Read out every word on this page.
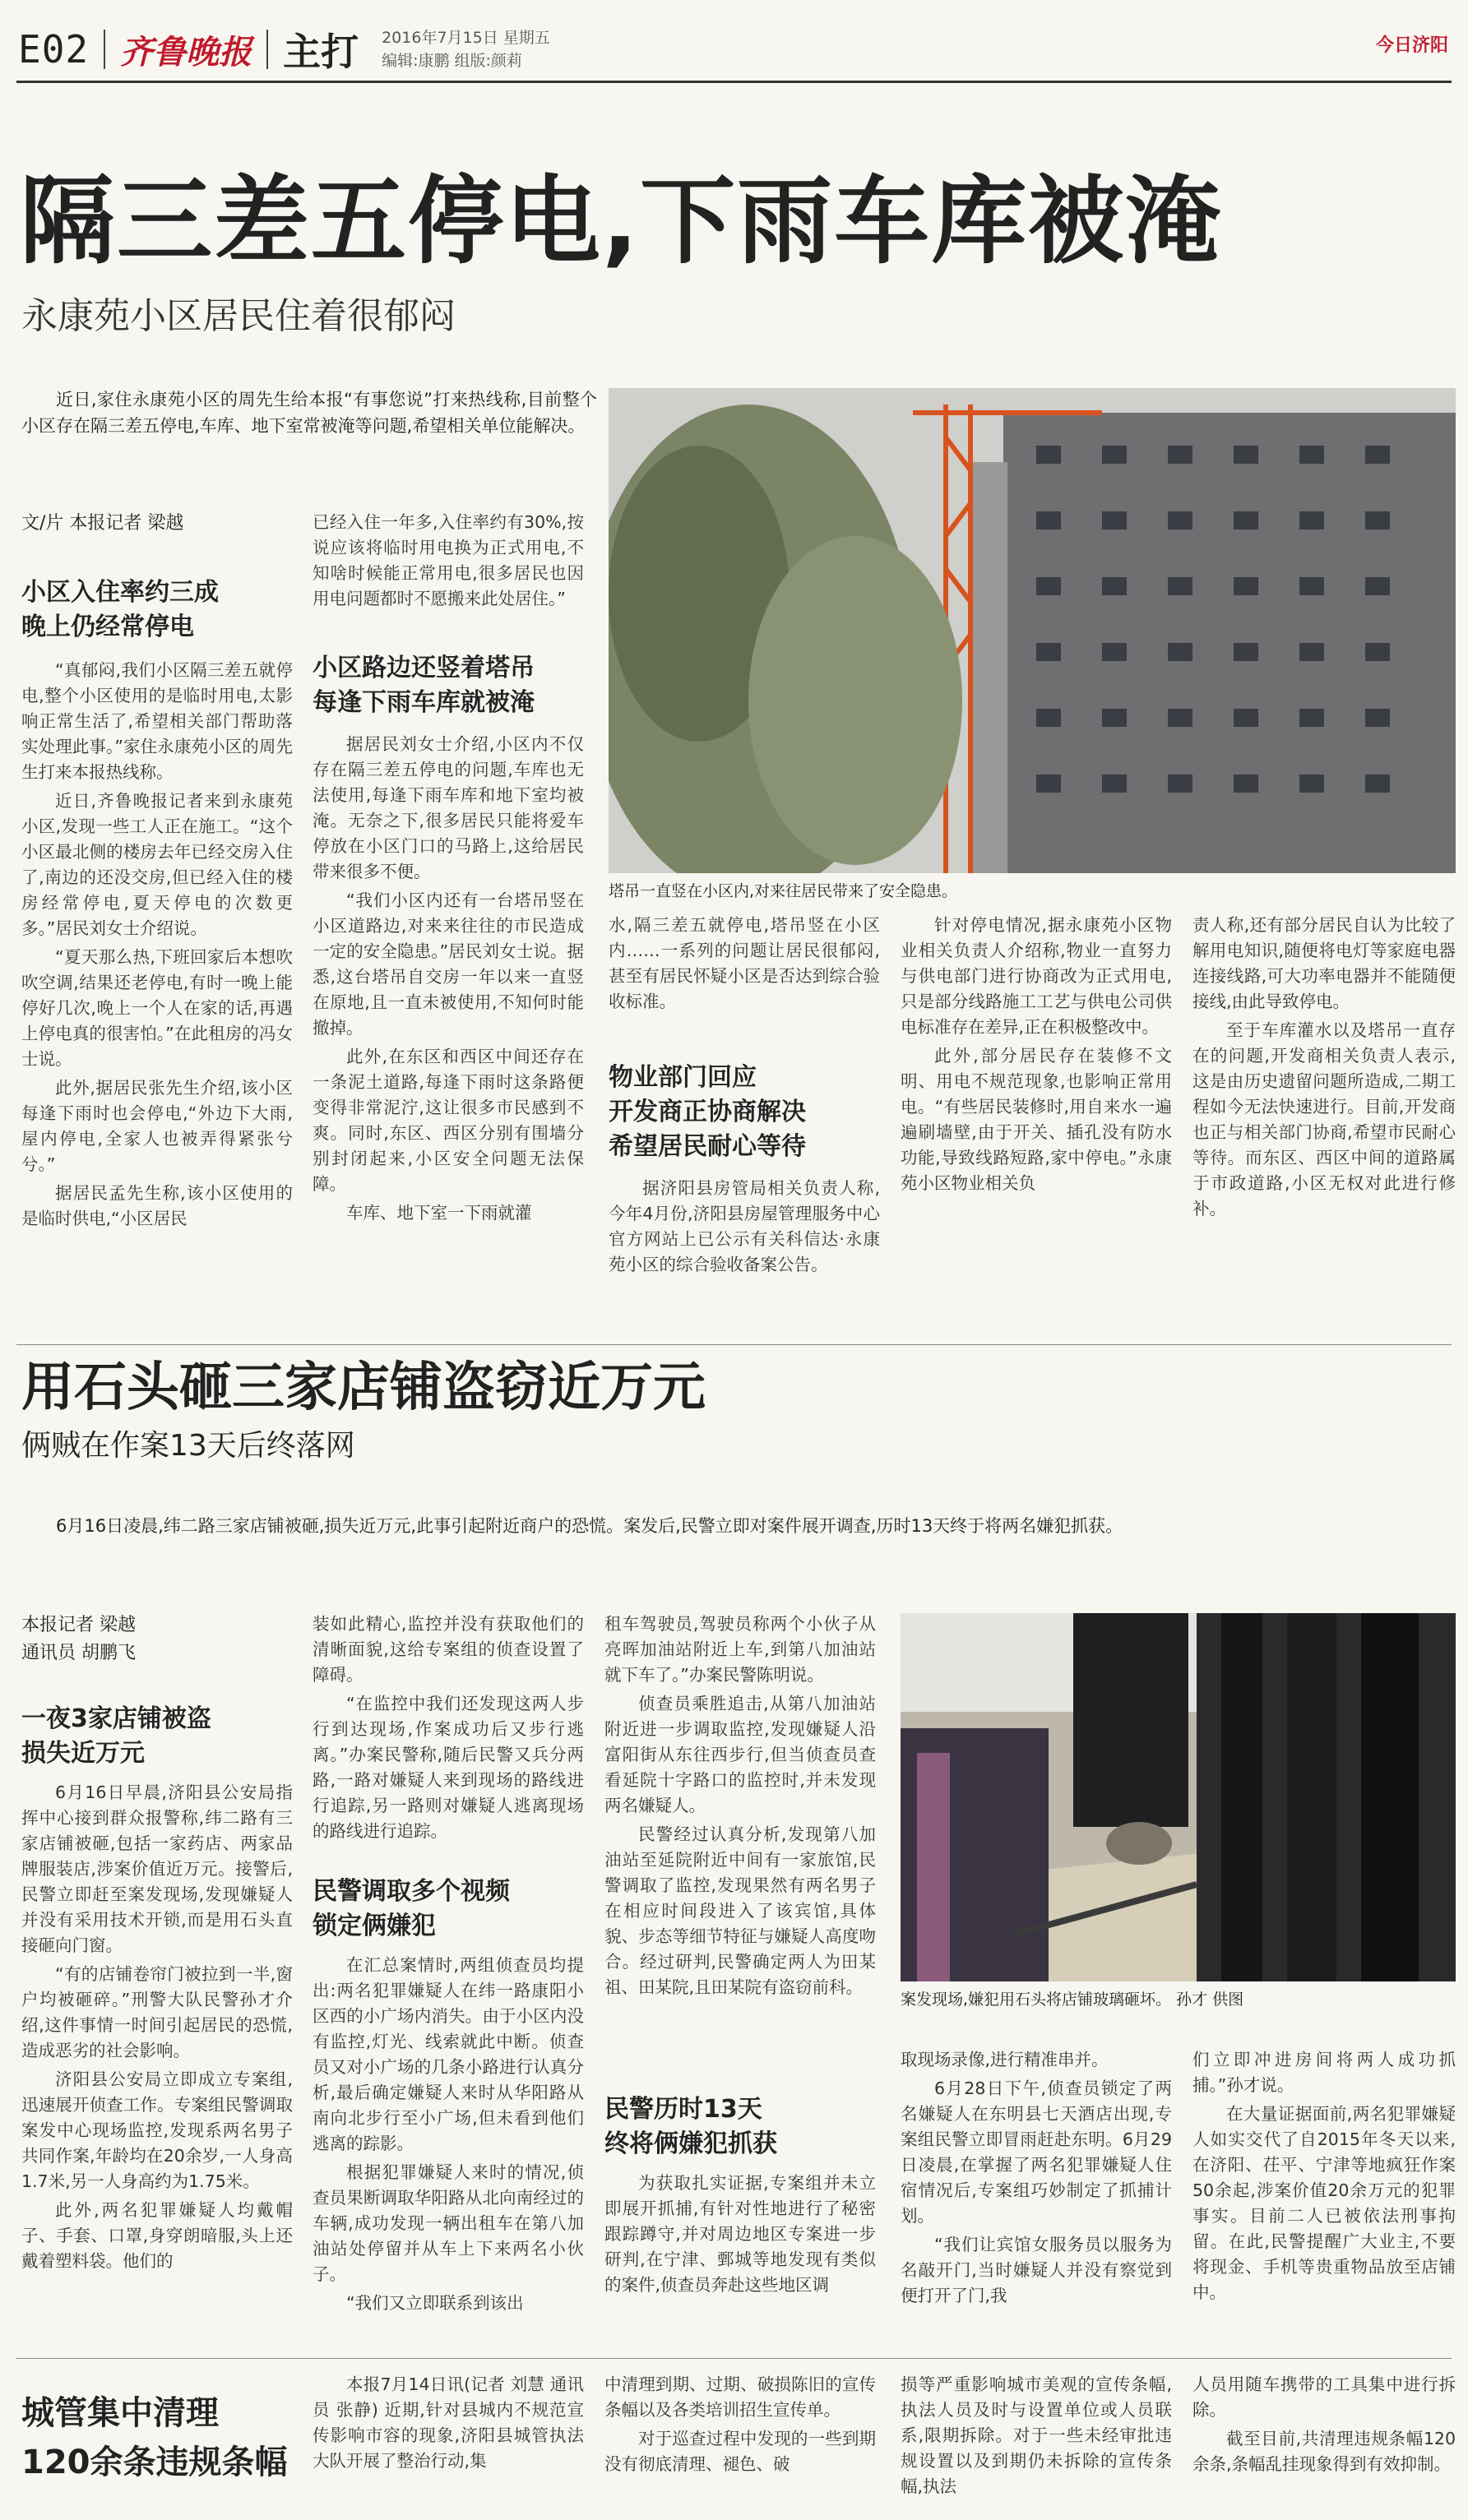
E02 齐鲁晚报 主打 2016年7月15日 星期五
编辑:康鹏 组版:颜莉
今日济阳
隔三差五停电,下雨车库被淹
永康苑小区居民住着很郁闷
近日,家住永康苑小区的周先生给本报“有事您说”打来热线称,目前整个小区存在隔三差五停电,车库、地下室常被淹等问题,希望相关单位能解决。
文/片 本报记者 梁越
小区入住率约三成
晚上仍经常停电

“真郁闷,我们小区隔三差五就停电,整个小区使用的是临时用电,太影响正常生活了,希望相关部门帮助落实处理此事。”家住永康苑小区的周先生打来本报热线称。

近日,齐鲁晚报记者来到永康苑小区,发现一些工人正在施工。“这个小区最北侧的楼房去年已经交房入住了,南边的还没交房,但已经入住的楼房经常停电,夏天停电的次数更多。”居民刘女士介绍说。

“夏天那么热,下班回家后本想吹吹空调,结果还老停电,有时一晚上能停好几次,晚上一个人在家的话,再遇上停电真的很害怕。”在此租房的冯女士说。

此外,据居民张先生介绍,该小区每逢下雨时也会停电,“外边下大雨,屋内停电,全家人也被弄得紧张兮兮。”

据居民孟先生称,该小区使用的是临时供电,“小区居民

已经入住一年多,入住率约有30%,按说应该将临时用电换为正式用电,不知啥时候能正常用电,很多居民也因用电问题都时不愿搬来此处居住。”

小区路边还竖着塔吊
每逢下雨车库就被淹

据居民刘女士介绍,小区内不仅存在隔三差五停电的问题,车库也无法使用,每逢下雨车库和地下室均被淹。无奈之下,很多居民只能将爱车停放在小区门口的马路上,这给居民带来很多不便。

“我们小区内还有一台塔吊竖在小区道路边,对来来往往的市民造成一定的安全隐患。”居民刘女士说。据悉,这台塔吊自交房一年以来一直竖在原地,且一直未被使用,不知何时能撤掉。

此外,在东区和西区中间还存在一条泥土道路,每逢下雨时这条路便变得非常泥泞,这让很多市民感到不爽。同时,东区、西区分别有围墙分别封闭起来,小区安全问题无法保障。

车库、地下室一下雨就灌

塔吊一直竖在小区内,对来往居民带来了安全隐患。

水,隔三差五就停电,塔吊竖在小区内……一系列的问题让居民很郁闷,甚至有居民怀疑小区是否达到综合验收标准。

物业部门回应
开发商正协商解决
希望居民耐心等待

据济阳县房管局相关负责人称,今年4月份,济阳县房屋管理服务中心官方网站上已公示有关科信达·永康苑小区的综合验收备案公告。

针对停电情况,据永康苑小区物业相关负责人介绍称,物业一直努力与供电部门进行协商改为正式用电,只是部分线路施工工艺与供电公司供电标准存在差异,正在积极整改中。

此外,部分居民存在装修不文明、用电不规范现象,也影响正常用电。“有些居民装修时,用自来水一遍遍刷墙壁,由于开关、插孔没有防水功能,导致线路短路,家中停电。”永康苑小区物业相关负

责人称,还有部分居民自认为比较了解用电知识,随便将电灯等家庭电器连接线路,可大功率电器并不能随便接线,由此导致停电。

至于车库灌水以及塔吊一直存在的问题,开发商相关负责人表示,这是由历史遗留问题所造成,二期工程如今无法快速进行。目前,开发商也正与相关部门协商,希望市民耐心等待。而东区、西区中间的道路属于市政道路,小区无权对此进行修补。

用石头砸三家店铺盗窃近万元
俩贼在作案13天后终落网
6月16日凌晨,纬二路三家店铺被砸,损失近万元,此事引起附近商户的恐慌。案发后,民警立即对案件展开调查,历时13天终于将两名嫌犯抓获。
本报记者 梁越
通讯员 胡鹏飞
一夜3家店铺被盗
损失近万元

6月16日早晨,济阳县公安局指挥中心接到群众报警称,纬二路有三家店铺被砸,包括一家药店、两家品牌服装店,涉案价值近万元。接警后,民警立即赶至案发现场,发现嫌疑人并没有采用技术开锁,而是用石头直接砸向门窗。

“有的店铺卷帘门被拉到一半,窗户均被砸碎。”刑警大队民警孙才介绍,这件事情一时间引起居民的恐慌,造成恶劣的社会影响。

济阳县公安局立即成立专案组,迅速展开侦查工作。专案组民警调取案发中心现场监控,发现系两名男子共同作案,年龄均在20余岁,一人身高1.7米,另一人身高约为1.75米。

此外,两名犯罪嫌疑人均戴帽子、手套、口罩,身穿朗暗服,头上还戴着塑料袋。他们的

装如此精心,监控并没有获取他们的清晰面貌,这给专案组的侦查设置了障碍。

“在监控中我们还发现这两人步行到达现场,作案成功后又步行逃离。”办案民警称,随后民警又兵分两路,一路对嫌疑人来到现场的路线进行追踪,另一路则对嫌疑人逃离现场的路线进行追踪。

民警调取多个视频
锁定俩嫌犯

在汇总案情时,两组侦查员均提出:两名犯罪嫌疑人在纬一路康阳小区西的小广场内消失。由于小区内没有监控,灯光、线索就此中断。侦查员又对小广场的几条小路进行认真分析,最后确定嫌疑人来时从华阳路从南向北步行至小广场,但未看到他们逃离的踪影。

根据犯罪嫌疑人来时的情况,侦查员果断调取华阳路从北向南经过的车辆,成功发现一辆出租车在第八加油站处停留并从车上下来两名小伙子。

“我们又立即联系到该出

租车驾驶员,驾驶员称两个小伙子从亮晖加油站附近上车,到第八加油站就下车了。”办案民警陈明说。

侦查员乘胜追击,从第八加油站附近进一步调取监控,发现嫌疑人沿富阳街从东往西步行,但当侦查员查看延院十字路口的监控时,并未发现两名嫌疑人。

民警经过认真分析,发现第八加油站至延院附近中间有一家旅馆,民警调取了监控,发现果然有两名男子在相应时间段进入了该宾馆,具体貌、步态等细节特征与嫌疑人高度吻合。经过研判,民警确定两人为田某祖、田某院,且田某院有盗窃前科。

民警历时13天
终将俩嫌犯抓获

为获取扎实证据,专案组并未立即展开抓捕,有针对性地进行了秘密跟踪蹲守,并对周边地区专案进一步研判,在宁津、鄄城等地发现有类似的案件,侦查员奔赴这些地区调

案发现场,嫌犯用石头将店铺玻璃砸坏。 孙才 供图

取现场录像,进行精准串并。

6月28日下午,侦查员锁定了两名嫌疑人在东明县七天酒店出现,专案组民警立即冒雨赶赴东明。6月29日凌晨,在掌握了两名犯罪嫌疑人住宿情况后,专案组巧妙制定了抓捕计划。

“我们让宾馆女服务员以服务为名敲开门,当时嫌疑人并没有察觉到便打开了门,我

们立即冲进房间将两人成功抓捕。”孙才说。

在大量证据面前,两名犯罪嫌疑人如实交代了自2015年冬天以来,在济阳、茌平、宁津等地疯狂作案50余起,涉案价值20余万元的犯罪事实。目前二人已被依法刑事拘留。在此,民警提醒广大业主,不要将现金、手机等贵重物品放至店铺中。

城管集中清理
120余条违规条幅

本报7月14日讯(记者 刘慧 通讯员 张静) 近期,针对县城内不规范宣传影响市容的现象,济阳县城管执法大队开展了整治行动,集

中清理到期、过期、破损陈旧的宣传条幅以及各类培训招生宣传单。

对于巡查过程中发现的一些到期没有彻底清理、褪色、破

损等严重影响城市美观的宣传条幅,执法人员及时与设置单位或人员联系,限期拆除。对于一些未经审批违规设置以及到期仍未拆除的宣传条幅,执法

人员用随车携带的工具集中进行拆除。

截至目前,共清理违规条幅120余条,条幅乱挂现象得到有效抑制。
